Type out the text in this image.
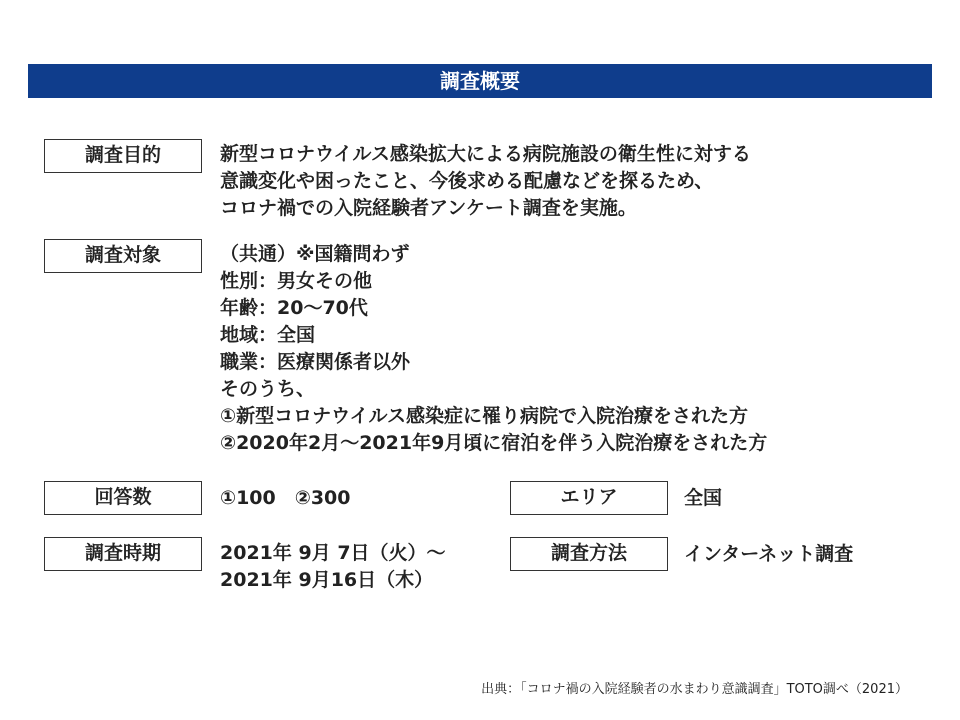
調査概要
調査目的	新型コロナウイルス感染拡大による病院施設の衛生性に対する
意識変化や困ったこと、今後求める配慮などを探るため、
コロナ禍での入院経験者アンケート調査を実施。
調査対象	（共通）※国籍問わず
性別：男女その他
年齢：20～70代
地域：全国
職業：医療関係者以外
そのうち、
①新型コロナウイルス感染症に罹り病院で入院治療をされた方
②2020年2月～2021年9月頃に宿泊を伴う入院治療をされた方
回答数	①100　②300	エリア	全国
調査時期	2021年 9月 7日（火）～
2021年 9月16日（木）
調査方法	インターネット調査
出典：「コロナ禍の入院経験者の水まわり意識調査」TOTO調べ（2021）
